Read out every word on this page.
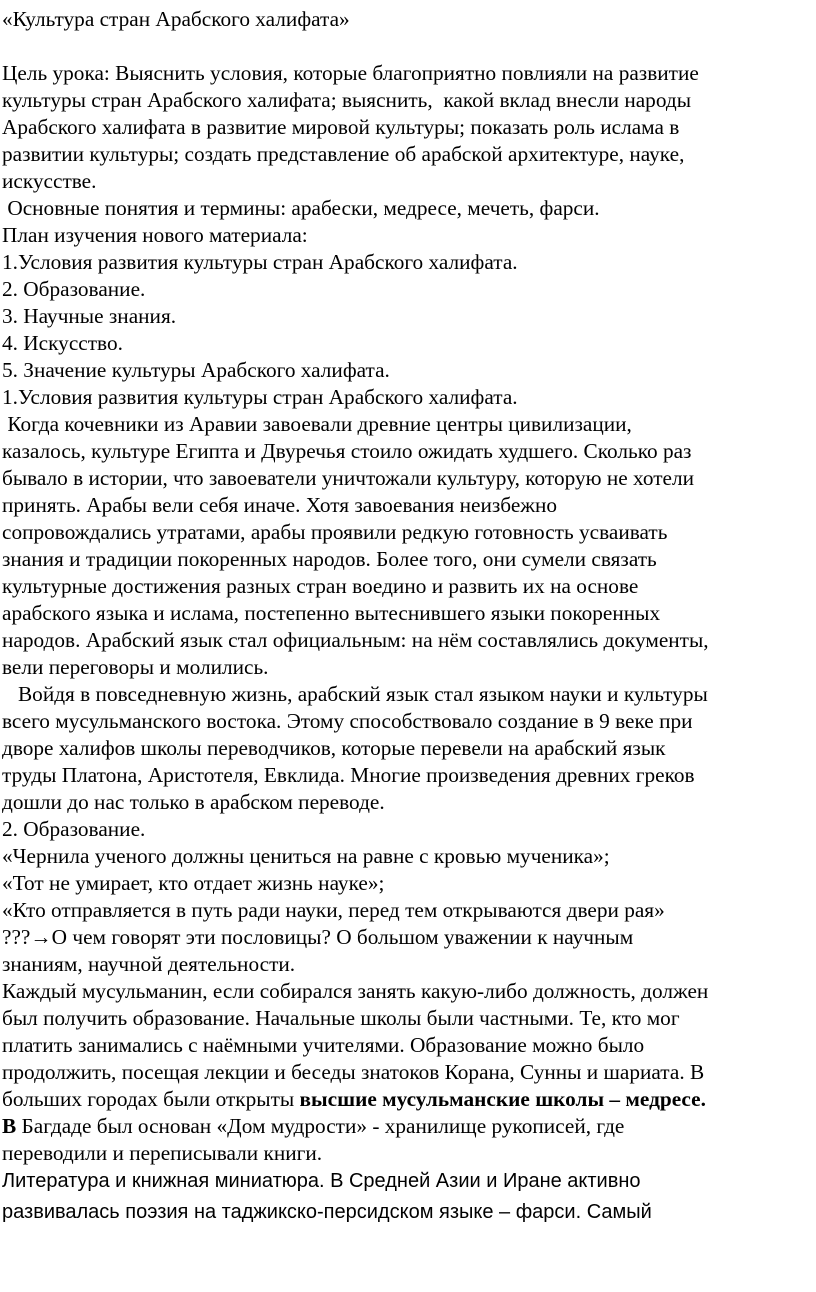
«Культура стран Арабского халифата»
Цель урока: Выяснить условия, которые благоприятно повлияли на развитие
культуры стран Арабского халифата; выяснить,  какой вклад внесли народы
Арабского халифата в развитие мировой культуры; показать роль ислама в
развитии культуры; создать представление об арабской архитектуре, науке,
искусстве.
Основные понятия и термины: арабески, медресе, мечеть, фарси.
План изучения нового материала:
1.Условия развития культуры стран Арабского халифата.
2. Образование.
3. Научные знания.
4. Искусство.
5. Значение культуры Арабского халифата.
1.Условия развития культуры стран Арабского халифата.
Когда кочевники из Аравии завоевали древние центры цивилизации,
казалось, культуре Египта и Двуречья стоило ожидать худшего. Сколько раз
бывало в истории, что завоеватели уничтожали культуру, которую не хотели
принять. Арабы вели себя иначе. Хотя завоевания неизбежно
сопровождались утратами, арабы проявили редкую готовность усваивать
знания и традиции покоренных народов. Более того, они сумели связать
культурные достижения разных стран воедино и развить их на основе
арабского языка и ислама, постепенно вытеснившего языки покоренных
народов. Арабский язык стал официальным: на нём составлялись документы,
вели переговоры и молились.
Войдя в повседневную жизнь, арабский язык стал языком науки и культуры
всего мусульманского востока. Этому способствовало создание в 9 веке при
дворе халифов школы переводчиков, которые перевели на арабский язык
труды Платона, Аристотеля, Евклида. Многие произведения древних греков
дошли до нас только в арабском переводе.
2. Образование.
«Чернила ученого должны цениться на равне с кровью мученика»;
«Тот не умирает, кто отдает жизнь науке»;
«Кто отправляется в путь ради науки, перед тем открываются двери рая»
???→О чем говорят эти пословицы? О большом уважении к научным
знаниям, научной деятельности.
Каждый мусульманин, если собирался занять какую-либо должность, должен
был получить образование. Начальные школы были частными. Те, кто мог
платить занимались с наёмными учителями. Образование можно было
продолжить, посещая лекции и беседы знатоков Корана, Сунны и шариата. В
больших городах были открыты высшие мусульманские школы – медресе.
В Багдаде был основан «Дом мудрости» - хранилище рукописей, где
переводили и переписывали книги.
Литература и книжная миниатюра. В Средней Азии и Иране активно
развивалась поэзия на таджикско-персидском языке – фарси. Самый
